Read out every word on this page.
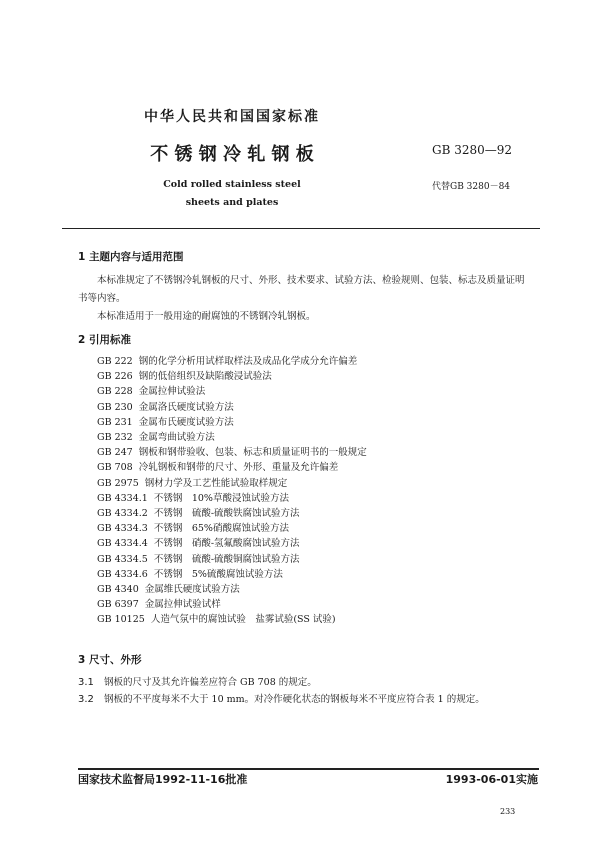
中华人民共和国国家标准
不 锈 钢 冷 轧 钢 板
Cold rolled stainless steel
sheets and plates
GB 3280—92
代替GB 3280－84
1 主题内容与适用范围
本标准规定了不锈钢冷轧钢板的尺寸、外形、技术要求、试验方法、检验规则、包装、标志及质量证明
书等内容。
本标准适用于一般用途的耐腐蚀的不锈钢冷轧钢板。
2 引用标准
GB 222 钢的化学分析用试样取样法及成品化学成分允许偏差
GB 226 钢的低倍组织及缺陷酸浸试验法
GB 228 金属拉伸试验法
GB 230 金属洛氏硬度试验方法
GB 231 金属布氏硬度试验方法
GB 232 金属弯曲试验方法
GB 247 钢板和钢带验收、包装、标志和质量证明书的一般规定
GB 708 冷轧钢板和钢带的尺寸、外形、重量及允许偏差
GB 2975 钢材力学及工艺性能试验取样规定
GB 4334.1 不锈钢　10%草酸浸蚀试验方法
GB 4334.2 不锈钢　硫酸-硫酸铁腐蚀试验方法
GB 4334.3 不锈钢　65%硝酸腐蚀试验方法
GB 4334.4 不锈钢　硝酸-氢氟酸腐蚀试验方法
GB 4334.5 不锈钢　硫酸-硫酸铜腐蚀试验方法
GB 4334.6 不锈钢　5%硫酸腐蚀试验方法
GB 4340 金属维氏硬度试验方法
GB 6397 金属拉伸试验试样
GB 10125 人造气氛中的腐蚀试验　盐雾试验(SS 试验)
3 尺寸、外形
3.1 钢板的尺寸及其允许偏差应符合 GB 708 的规定。
3.2 钢板的不平度每米不大于 10 mm。对冷作硬化状态的钢板每米不平度应符合表 1 的规定。
国家技术监督局1992-11-16批准	1993-06-01实施
233
